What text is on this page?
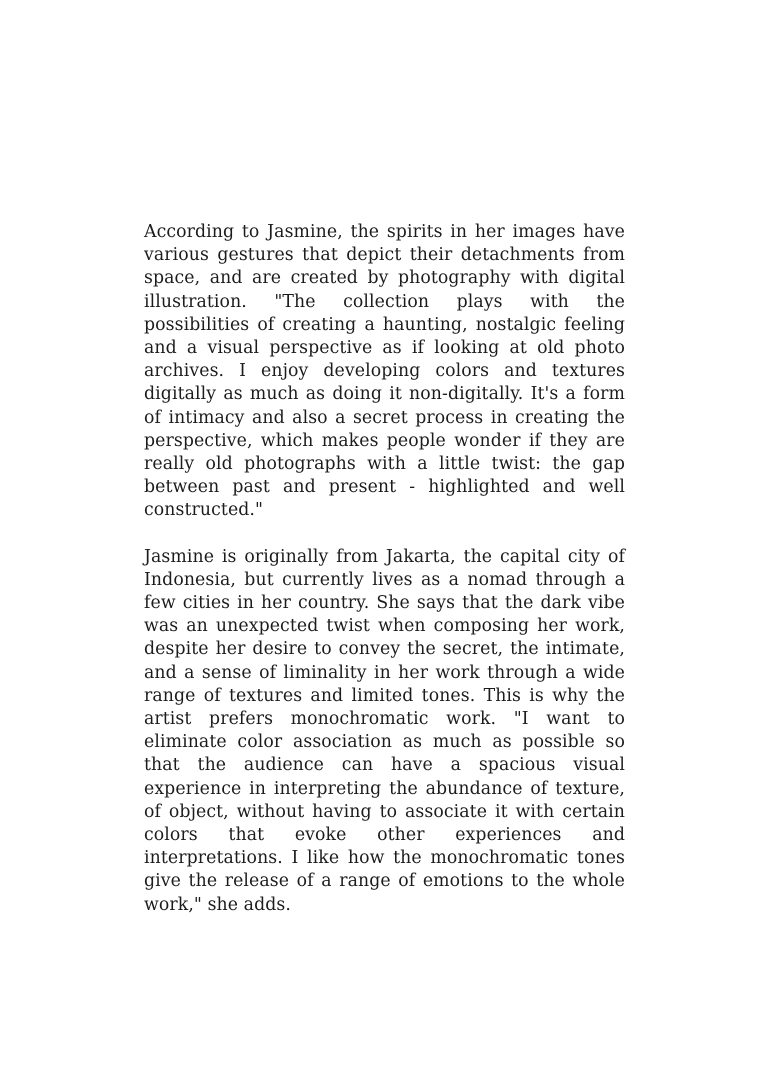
According to Jasmine, the spirits in her images have various gestures that depict their detachments from space, and are created by photography with digital illustration. "The collection plays with the possibilities of creating a haunting, nostalgic feeling and a visual perspective as if looking at old photo archives. I enjoy developing colors and textures digitally as much as doing it non-digitally. It's a form of intimacy and also a secret process in creating the perspective, which makes people wonder if they are really old photographs with a little twist: the gap between past and present - highlighted and well constructed."

Jasmine is originally from Jakarta, the capital city of Indonesia, but currently lives as a nomad through a few cities in her country. She says that the dark vibe was an unexpected twist when composing her work, despite her desire to convey the secret, the intimate, and a sense of liminality in her work through a wide range of textures and limited tones. This is why the artist prefers monochromatic work. "I want to eliminate color association as much as possible so that the audience can have a spacious visual experience in interpreting the abundance of texture, of object, without having to associate it with certain colors that evoke other experiences and interpretations. I like how the monochromatic tones give the release of a range of emotions to the whole work," she adds.
